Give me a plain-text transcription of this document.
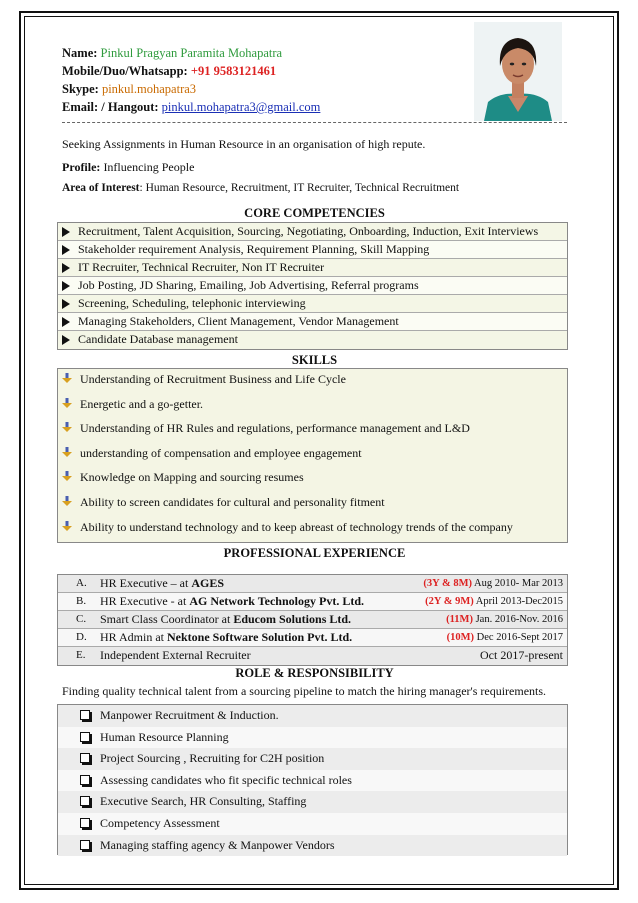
Name: Pinkul Pragyan Paramita Mohapatra
Mobile/Duo/Whatsapp: +91 9583121461
Skype: pinkul.mohapatra3
Email: / Hangout: pinkul.mohapatra3@gmail.com
Seeking Assignments in Human Resource in an organisation of high repute.
Profile: Influencing People
Area of Interest: Human Resource, Recruitment, IT Recruiter, Technical Recruitment
CORE COMPETENCIES
Recruitment, Talent Acquisition, Sourcing, Negotiating, Onboarding, Induction, Exit Interviews
Stakeholder requirement Analysis, Requirement Planning, Skill Mapping
IT Recruiter, Technical Recruiter, Non IT Recruiter
Job Posting, JD Sharing, Emailing, Job Advertising, Referral programs
Screening, Scheduling, telephonic interviewing
Managing Stakeholders, Client Management, Vendor Management
Candidate Database management
SKILLS
Understanding of Recruitment Business and Life Cycle
Energetic and a go-getter.
Understanding of HR Rules and regulations, performance management and L&D
understanding of compensation and employee engagement
Knowledge on Mapping and sourcing resumes
Ability to screen candidates for cultural and personality fitment
Ability to understand technology and to keep abreast of technology trends of the company
PROFESSIONAL EXPERIENCE
A. HR Executive – at AGES	(3Y & 8M) Aug 2010- Mar 2013
B. HR Executive - at AG Network Technology Pvt. Ltd.	(2Y & 9M) April 2013-Dec2015
C. Smart Class Coordinator at Educom Solutions Ltd.	(11M) Jan. 2016-Nov. 2016
D. HR Admin at Nektone Software Solution Pvt. Ltd.	(10M) Dec 2016-Sept 2017
E. Independent External Recruiter	Oct 2017-present
ROLE & RESPONSIBILITY
Finding quality technical talent from a sourcing pipeline to match the hiring manager's requirements.
Manpower Recruitment & Induction.
Human Resource Planning
Project Sourcing , Recruiting for C2H position
Assessing candidates who fit specific technical roles
Executive Search, HR Consulting, Staffing
Competency Assessment
Managing staffing agency & Manpower Vendors
